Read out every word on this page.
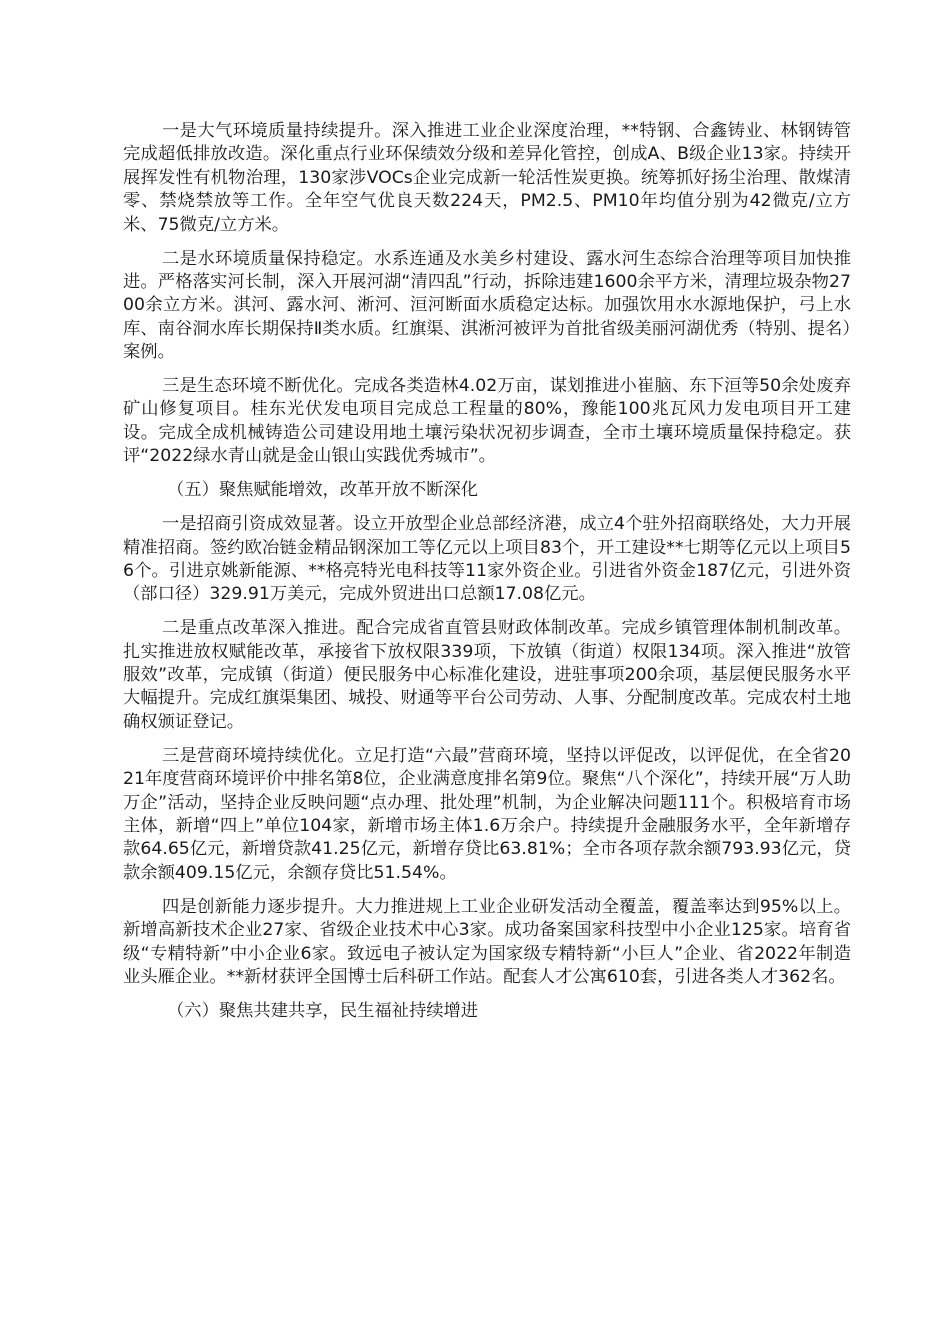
一是大气环境质量持续提升。深入推进工业企业深度治理，**特钢、合鑫铸业、林钢铸管完成超低排放改造。深化重点行业环保绩效分级和差异化管控，创成A、B级企业13家。持续开展挥发性有机物治理，130家涉VOCs企业完成新一轮活性炭更换。统筹抓好扬尘治理、散煤清零、禁烧禁放等工作。全年空气优良天数224天，PM2.5、PM10年均值分别为42微克/立方米、75微克/立方米。

二是水环境质量保持稳定。水系连通及水美乡村建设、露水河生态综合治理等项目加快推进。严格落实河长制，深入开展河湖“清四乱”行动，拆除违建1600余平方米，清理垃圾杂物2700余立方米。淇河、露水河、淅河、洹河断面水质稳定达标。加强饮用水水源地保护，弓上水库、南谷洞水库长期保持Ⅱ类水质。红旗渠、淇淅河被评为首批省级美丽河湖优秀（特别、提名）案例。

三是生态环境不断优化。完成各类造林4.02万亩，谋划推进小崔脑、东下洹等50余处废弃矿山修复项目。桂东光伏发电项目完成总工程量的80%，豫能100兆瓦风力发电项目开工建设。完成全成机械铸造公司建设用地土壤污染状况初步调查，全市土壤环境质量保持稳定。获评“2022绿水青山就是金山银山实践优秀城市”。

（五）聚焦赋能增效，改革开放不断深化

一是招商引资成效显著。设立开放型企业总部经济港，成立4个驻外招商联络处，大力开展精准招商。签约欧冶链金精品钢深加工等亿元以上项目83个，开工建设**七期等亿元以上项目56个。引进京姚新能源、**格亮特光电科技等11家外资企业。引进省外资金187亿元，引进外资（部口径）329.91万美元，完成外贸进出口总额17.08亿元。

二是重点改革深入推进。配合完成省直管县财政体制改革。完成乡镇管理体制机制改革。扎实推进放权赋能改革，承接省下放权限339项，下放镇（街道）权限134项。深入推进“放管服效”改革，完成镇（街道）便民服务中心标准化建设，进驻事项200余项，基层便民服务水平大幅提升。完成红旗渠集团、城投、财通等平台公司劳动、人事、分配制度改革。完成农村土地确权颁证登记。

三是营商环境持续优化。立足打造“六最”营商环境，坚持以评促改，以评促优，在全省2021年度营商环境评价中排名第8位，企业满意度排名第9位。聚焦“八个深化”，持续开展“万人助万企”活动，坚持企业反映问题“点办理、批处理”机制，为企业解决问题111个。积极培育市场主体，新增“四上”单位104家，新增市场主体1.6万余户。持续提升金融服务水平，全年新增存款64.65亿元，新增贷款41.25亿元，新增存贷比63.81%；全市各项存款余额793.93亿元，贷款余额409.15亿元，余额存贷比51.54%。

四是创新能力逐步提升。大力推进规上工业企业研发活动全覆盖，覆盖率达到95%以上。新增高新技术企业27家、省级企业技术中心3家。成功备案国家科技型中小企业125家。培育省级“专精特新”中小企业6家。致远电子被认定为国家级专精特新“小巨人”企业、省2022年制造业头雁企业。**新材获评全国博士后科研工作站。配套人才公寓610套，引进各类人才362名。

（六）聚焦共建共享，民生福祉持续增进
